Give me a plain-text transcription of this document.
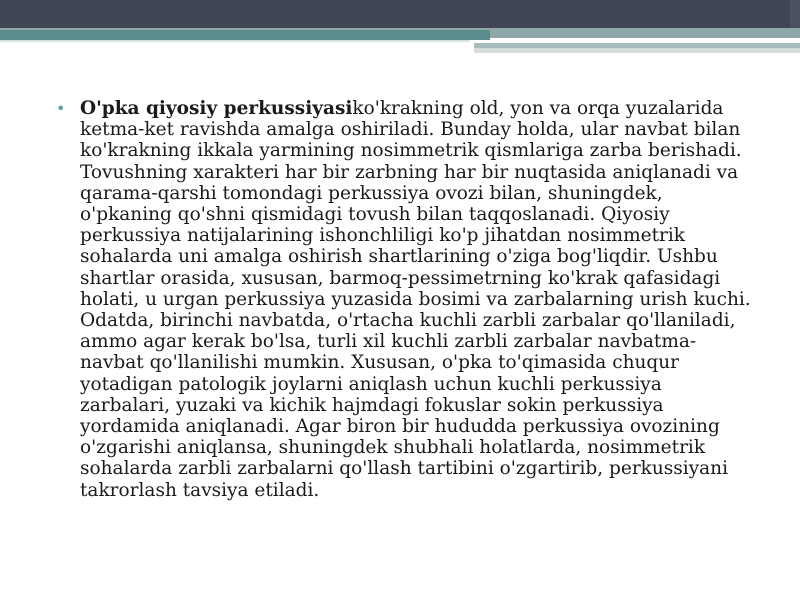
• O'pka qiyosiy perkussiyasiko'krakning old, yon va orqa yuzalarida ketma-ket ravishda amalga oshiriladi. Bunday holda, ular navbat bilan ko'krakning ikkala yarmining nosimmetrik qismlariga zarba berishadi. Tovushning xarakteri har bir zarbning har bir nuqtasida aniqlanadi va qarama-qarshi tomondagi perkussiya ovozi bilan, shuningdek, o'pkaning qo'shni qismidagi tovush bilan taqqoslanadi. Qiyosiy perkussiya natijalarining ishonchliligi ko'p jihatdan nosimmetrik sohalarda uni amalga oshirish shartlarining o'ziga bog'liqdir. Ushbu shartlar orasida, xususan, barmoq-pessimetrning ko'krak qafasidagi holati, u urgan perkussiya yuzasida bosimi va zarbalarning urish kuchi. Odatda, birinchi navbatda, o'rtacha kuchli zarbli zarbalar qo'llaniladi, ammo agar kerak bo'lsa, turli xil kuchli zarbli zarbalar navbatma-navbat qo'llanilishi mumkin. Xususan, o'pka to'qimasida chuqur yotadigan patologik joylarni aniqlash uchun kuchli perkussiya zarbalari, yuzaki va kichik hajmdagi fokuslar sokin perkussiya yordamida aniqlanadi. Agar biron bir hududda perkussiya ovozining o'zgarishi aniqlansa, shuningdek shubhali holatlarda, nosimmetrik sohalarda zarbli zarbalarni qo'llash tartibini o'zgartirib, perkussiyani takrorlash tavsiya etiladi.
